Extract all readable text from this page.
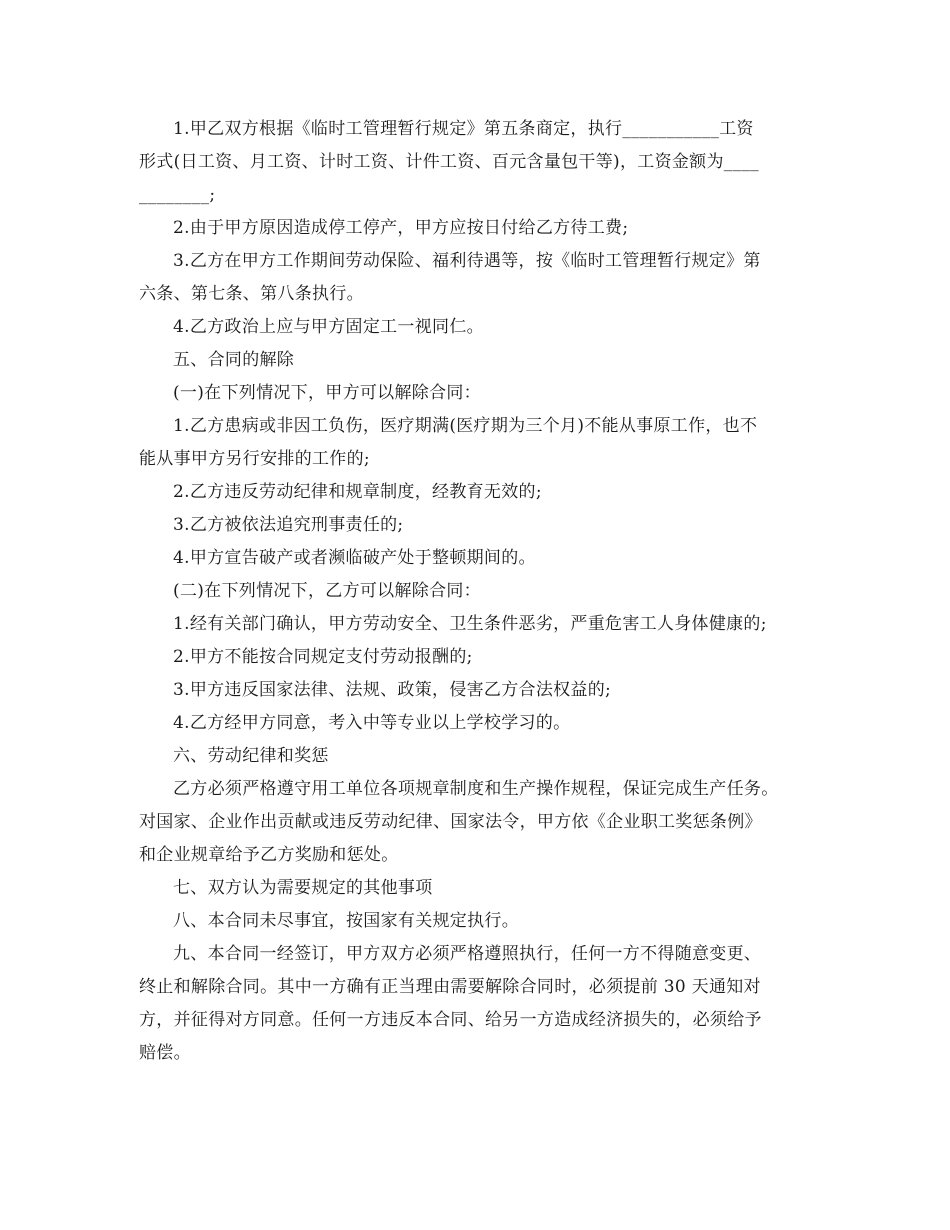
1.甲乙双方根据《临时工管理暂行规定》第五条商定，执行___________工资
形式(日工资、月工资、计时工资、计件工资、百元含量包干等)，工资金额为____
________;
2.由于甲方原因造成停工停产，甲方应按日付给乙方待工费;
3.乙方在甲方工作期间劳动保险、福利待遇等，按《临时工管理暂行规定》第
六条、第七条、第八条执行。
4.乙方政治上应与甲方固定工一视同仁。
五、合同的解除
(一)在下列情况下，甲方可以解除合同：
1.乙方患病或非因工负伤，医疗期满(医疗期为三个月)不能从事原工作，也不
能从事甲方另行安排的工作的;
2.乙方违反劳动纪律和规章制度，经教育无效的;
3.乙方被依法追究刑事责任的;
4.甲方宣告破产或者濒临破产处于整顿期间的。
(二)在下列情况下，乙方可以解除合同：
1.经有关部门确认，甲方劳动安全、卫生条件恶劣，严重危害工人身体健康的;
2.甲方不能按合同规定支付劳动报酬的;
3.甲方违反国家法律、法规、政策，侵害乙方合法权益的;
4.乙方经甲方同意，考入中等专业以上学校学习的。
六、劳动纪律和奖惩
乙方必须严格遵守用工单位各项规章制度和生产操作规程，保证完成生产任务。
对国家、企业作出贡献或违反劳动纪律、国家法令，甲方依《企业职工奖惩条例》
和企业规章给予乙方奖励和惩处。
七、双方认为需要规定的其他事项
八、本合同未尽事宜，按国家有关规定执行。
九、本合同一经签订，甲方双方必须严格遵照执行，任何一方不得随意变更、
终止和解除合同。其中一方确有正当理由需要解除合同时，必须提前 30 天通知对
方，并征得对方同意。任何一方违反本合同、给另一方造成经济损失的，必须给予
赔偿。
